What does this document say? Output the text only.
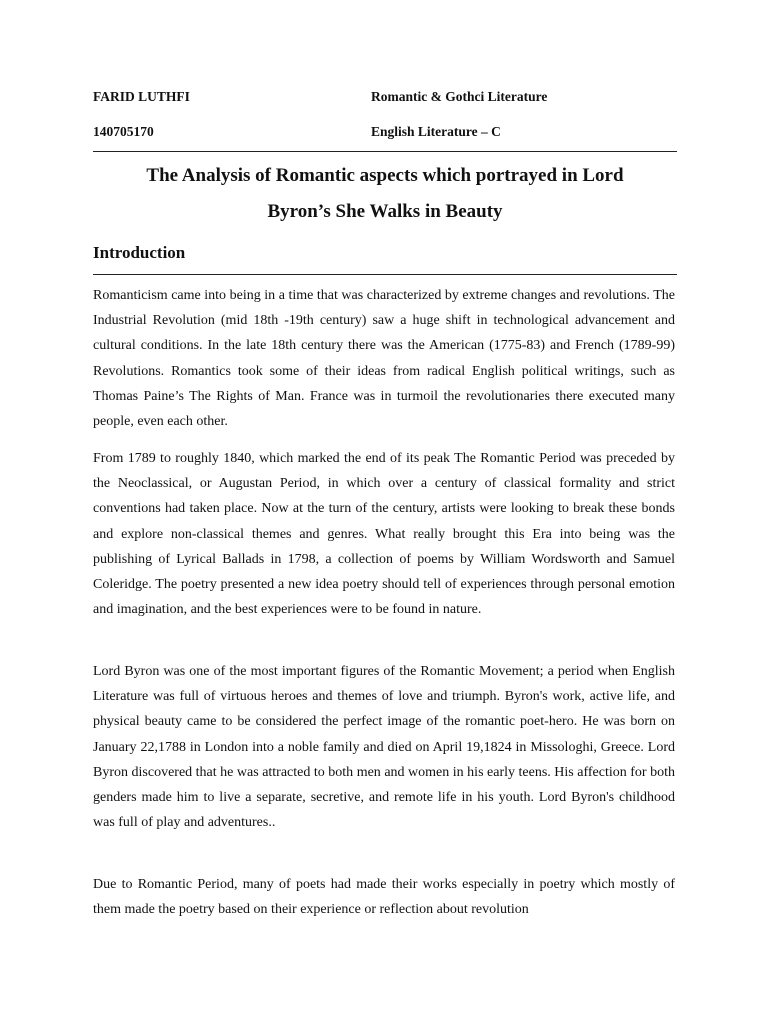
FARID LUTHFI	Romantic & Gothci Literature
140705170	English Literature – C
The Analysis of Romantic aspects which portrayed in Lord
Byron’s She Walks in Beauty
Introduction

Romanticism came into being in a time that was characterized by extreme changes and revolutions. The Industrial Revolution (mid 18th -19th century) saw a huge shift in technological advancement and cultural conditions. In the late 18th century there was the American (1775-83) and French (1789-99) Revolutions. Romantics took some of their ideas from radical English political writings, such as Thomas Paine’s The Rights of Man. France was in turmoil the revolutionaries there executed many people, even each other.

From 1789 to roughly 1840, which marked the end of its peak The Romantic Period was preceded by the Neoclassical, or Augustan Period, in which over a century of classical formality and strict conventions had taken place. Now at the turn of the century, artists were looking to break these bonds and explore non-classical themes and genres. What really brought this Era into being was the publishing of Lyrical Ballads in 1798, a collection of poems by William Wordsworth and Samuel Coleridge. The poetry presented a new idea poetry should tell of experiences through personal emotion and imagination, and the best experiences were to be found in nature.

Lord Byron was one of the most important figures of the Romantic Movement; a period when English Literature was full of virtuous heroes and themes of love and triumph. Byron's work, active life, and physical beauty came to be considered the perfect image of the romantic poet-hero. He was born on January 22,1788 in London into a noble family and died on April 19,1824 in Missologhi, Greece. Lord Byron discovered that he was attracted to both men and women in his early teens. His affection for both genders made him to live a separate, secretive, and remote life in his youth. Lord Byron's childhood was full of play and adventures..

Due to Romantic Period, many of poets had made their works especially in poetry which mostly of them made the poetry based on their experience or reflection about revolution
